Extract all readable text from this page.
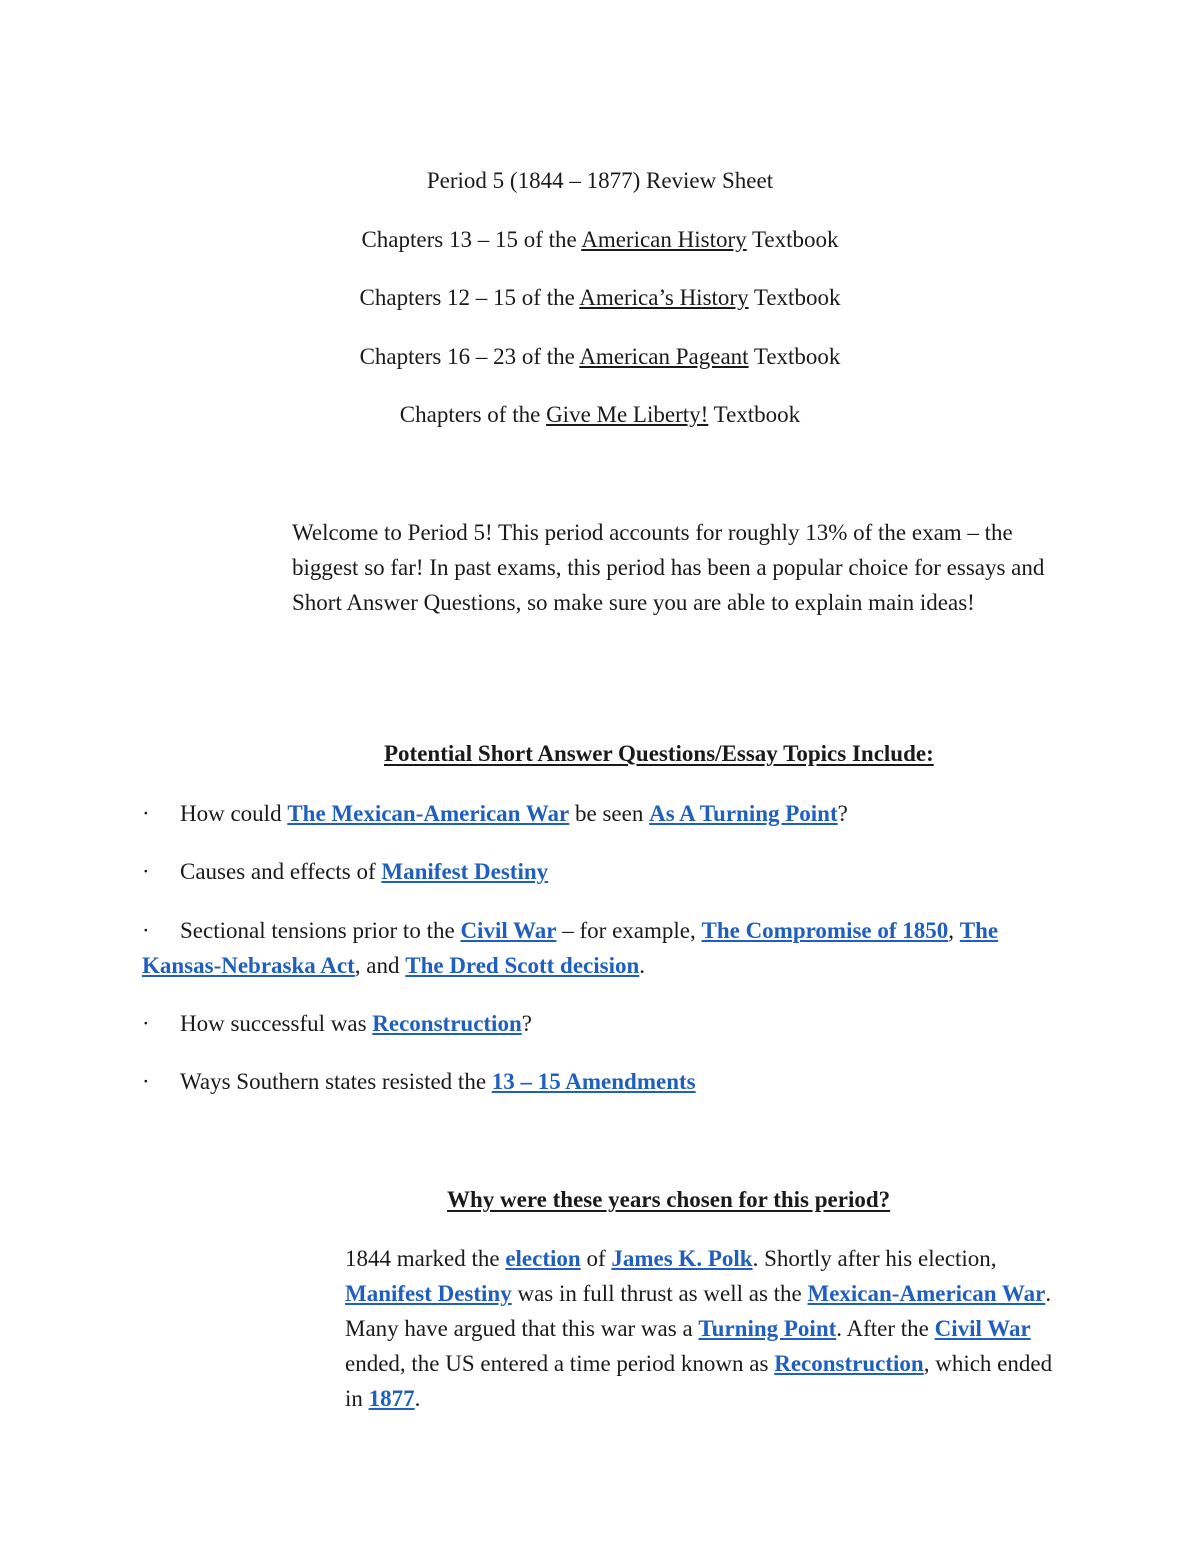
Period 5 (1844 – 1877) Review Sheet
Chapters 13 – 15 of the American History Textbook
Chapters 12 – 15 of the America’s History Textbook
Chapters 16 – 23 of the American Pageant Textbook
Chapters of the Give Me Liberty! Textbook
Welcome to Period 5! This period accounts for roughly 13% of the exam – the biggest so far! In past exams, this period has been a popular choice for essays and Short Answer Questions, so make sure you are able to explain main ideas!
Potential Short Answer Questions/Essay Topics Include:
·	How could The Mexican-American War be seen As A Turning Point?
·	Causes and effects of Manifest Destiny
·	Sectional tensions prior to the Civil War – for example, The Compromise of 1850, The Kansas-Nebraska Act, and The Dred Scott decision.
·	How successful was Reconstruction?
·	Ways Southern states resisted the 13 – 15 Amendments
Why were these years chosen for this period?
1844 marked the election of James K. Polk. Shortly after his election, Manifest Destiny was in full thrust as well as the Mexican-American War. Many have argued that this war was a Turning Point. After the Civil War ended, the US entered a time period known as Reconstruction, which ended in 1877.
